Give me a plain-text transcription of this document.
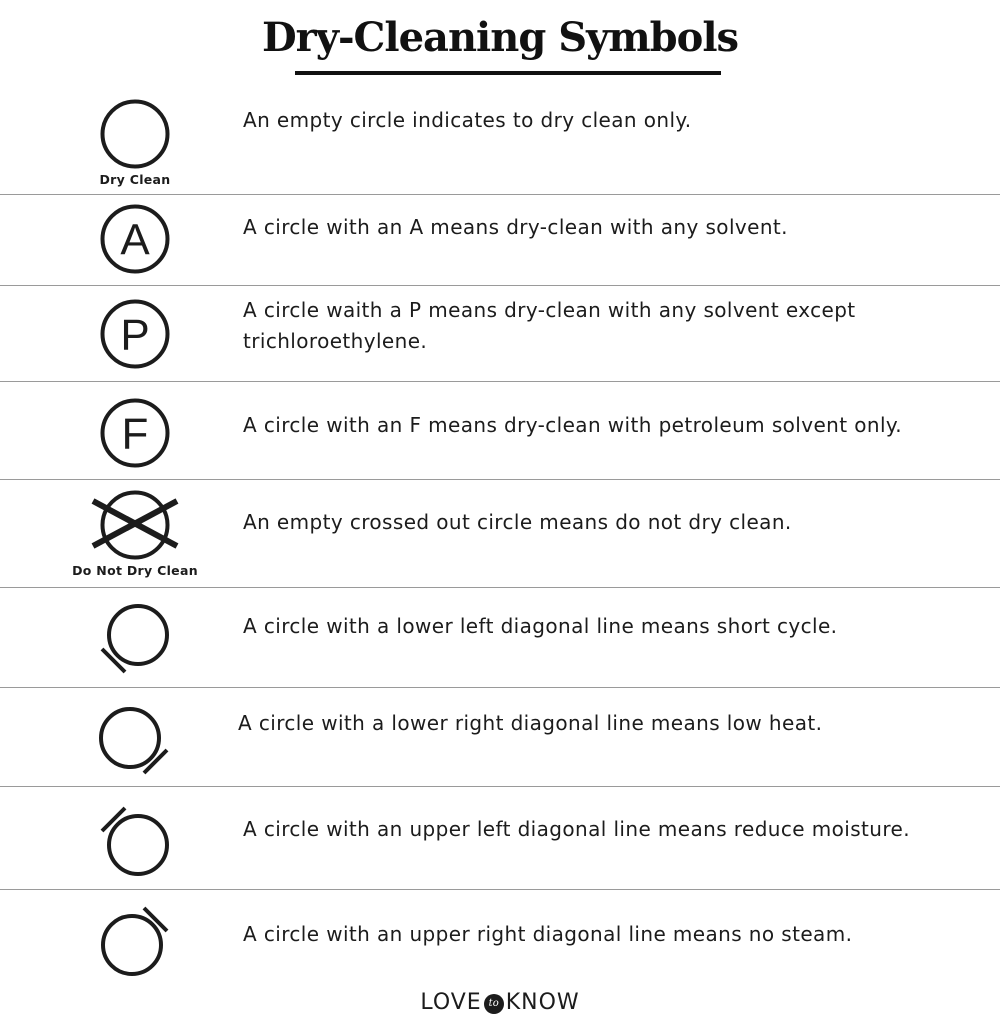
Dry-Cleaning Symbols
Dry Clean
An empty circle indicates to dry clean only.
A	A circle with an A means dry-clean with any solvent.
P
A circle waith a P means dry-clean with any solvent except trichloroethylene.
F	A circle with an F means dry-clean with petroleum solvent only.
Do Not Dry Clean
An empty crossed out circle means do not dry clean.
A circle with a lower left diagonal line means short cycle.
A circle with a lower right diagonal line means low heat.
A circle with an upper left diagonal line means reduce moisture.
A circle with an upper right diagonal line means no steam.
LOVE to KNOW
